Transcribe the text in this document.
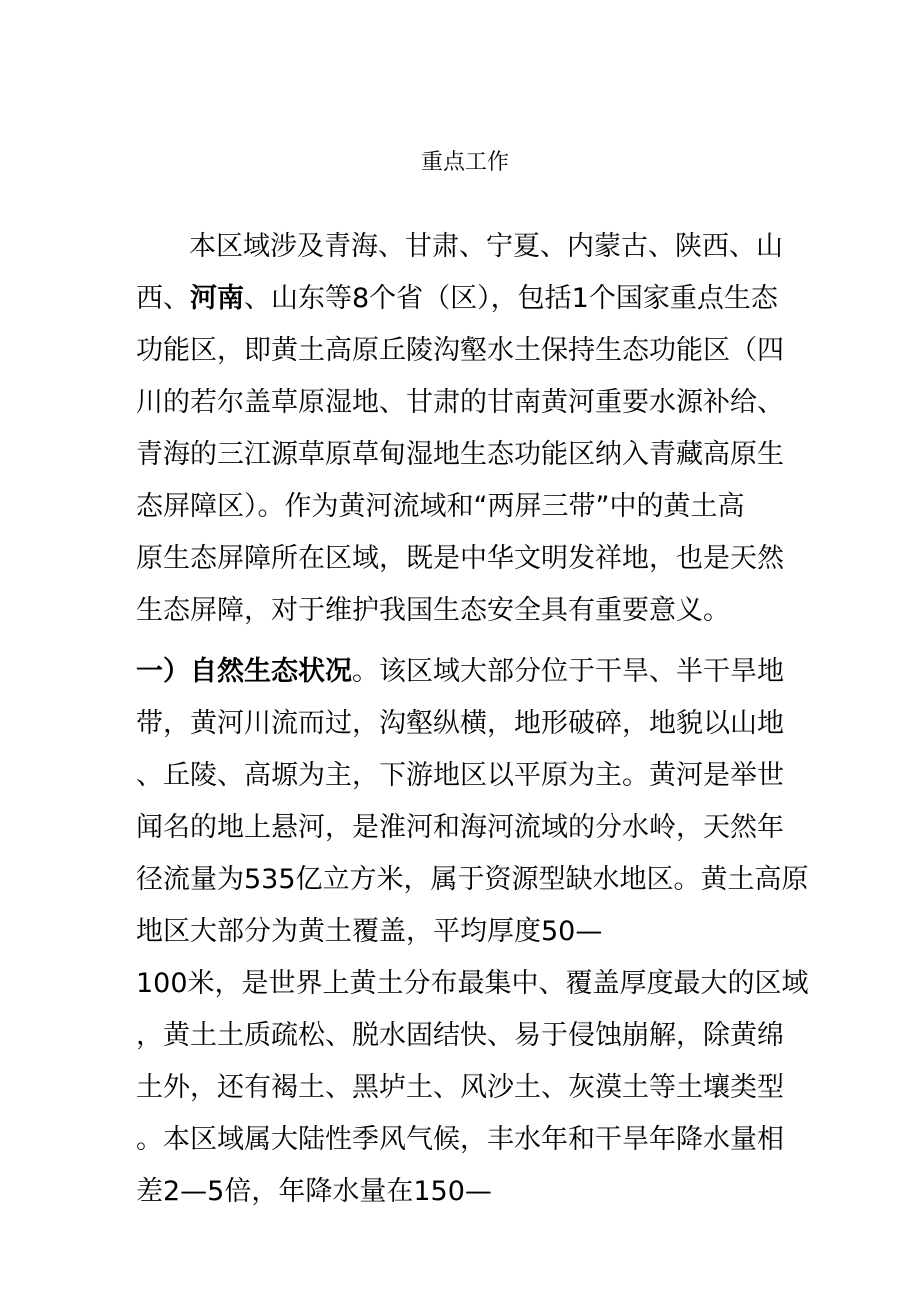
重点工作
本区域涉及青海、甘肃、宁夏、内蒙古、陕西、山
西、河南、山东等8个省（区），包括1个国家重点生态
功能区，即黄土高原丘陵沟壑水土保持生态功能区（四
川的若尔盖草原湿地、甘肃的甘南黄河重要水源补给、
青海的三江源草原草甸湿地生态功能区纳入青藏高原生
态屏障区）。作为黄河流域和“两屏三带”中的黄土高
原生态屏障所在区域，既是中华文明发祥地，也是天然
生态屏障，对于维护我国生态安全具有重要意义。
一）自然生态状况。该区域大部分位于干旱、半干旱地
带，黄河川流而过，沟壑纵横，地形破碎，地貌以山地
、丘陵、高塬为主，下游地区以平原为主。黄河是举世
闻名的地上悬河，是淮河和海河流域的分水岭，天然年
径流量为535亿立方米，属于资源型缺水地区。黄土高原
地区大部分为黄土覆盖，平均厚度50—
100米，是世界上黄土分布最集中、覆盖厚度最大的区域
，黄土土质疏松、脱水固结快、易于侵蚀崩解，除黄绵
土外，还有褐土、黑垆土、风沙土、灰漠土等土壤类型
。本区域属大陆性季风气候，丰水年和干旱年降水量相
差2—5倍，年降水量在150—
